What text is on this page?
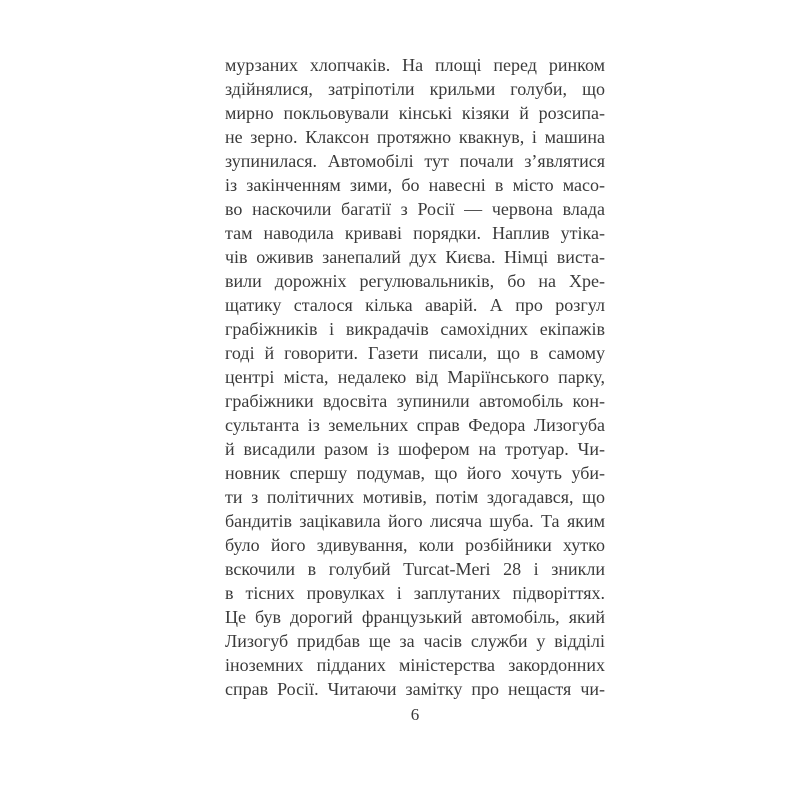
мурзаних хлопчаків. На площі перед ринком
здійнялися, затріпотіли крильми голуби, що
мирно покльовували кінські кізяки й розсипа-
не зерно. Клаксон протяжно квакнув, і машина
зупинилася. Автомобілі тут почали з’являтися
із закінченням зими, бо навесні в місто масо-
во наскочили багатії з Росії — червона влада
там наводила криваві порядки. Наплив утіка-
чів оживив занепалий дух Києва. Німці виста-
вили дорожніх регулювальників, бо на Хре-
щатику сталося кілька аварій. А про розгул
грабіжників і викрадачів самохідних екіпажів
годі й говорити. Газети писали, що в самому
центрі міста, недалеко від Маріїнського парку,
грабіжники вдосвіта зупинили автомобіль кон-
сультанта із земельних справ Федора Лизогуба
й висадили разом із шофером на тротуар. Чи-
новник спершу подумав, що його хочуть уби-
ти з політичних мотивів, потім здогадався, що
бандитів зацікавила його лисяча шуба. Та яким
було його здивування, коли розбійники хутко
вскочили в голубий Turcat-Meri 28 і зникли
в тісних провулках і заплутаних підворіттях.
Це був дорогий французький автомобіль, який
Лизогуб придбав ще за часів служби у відділі
іноземних підданих міністерства закордонних
справ Росії. Читаючи замітку про нещастя чи-
6
